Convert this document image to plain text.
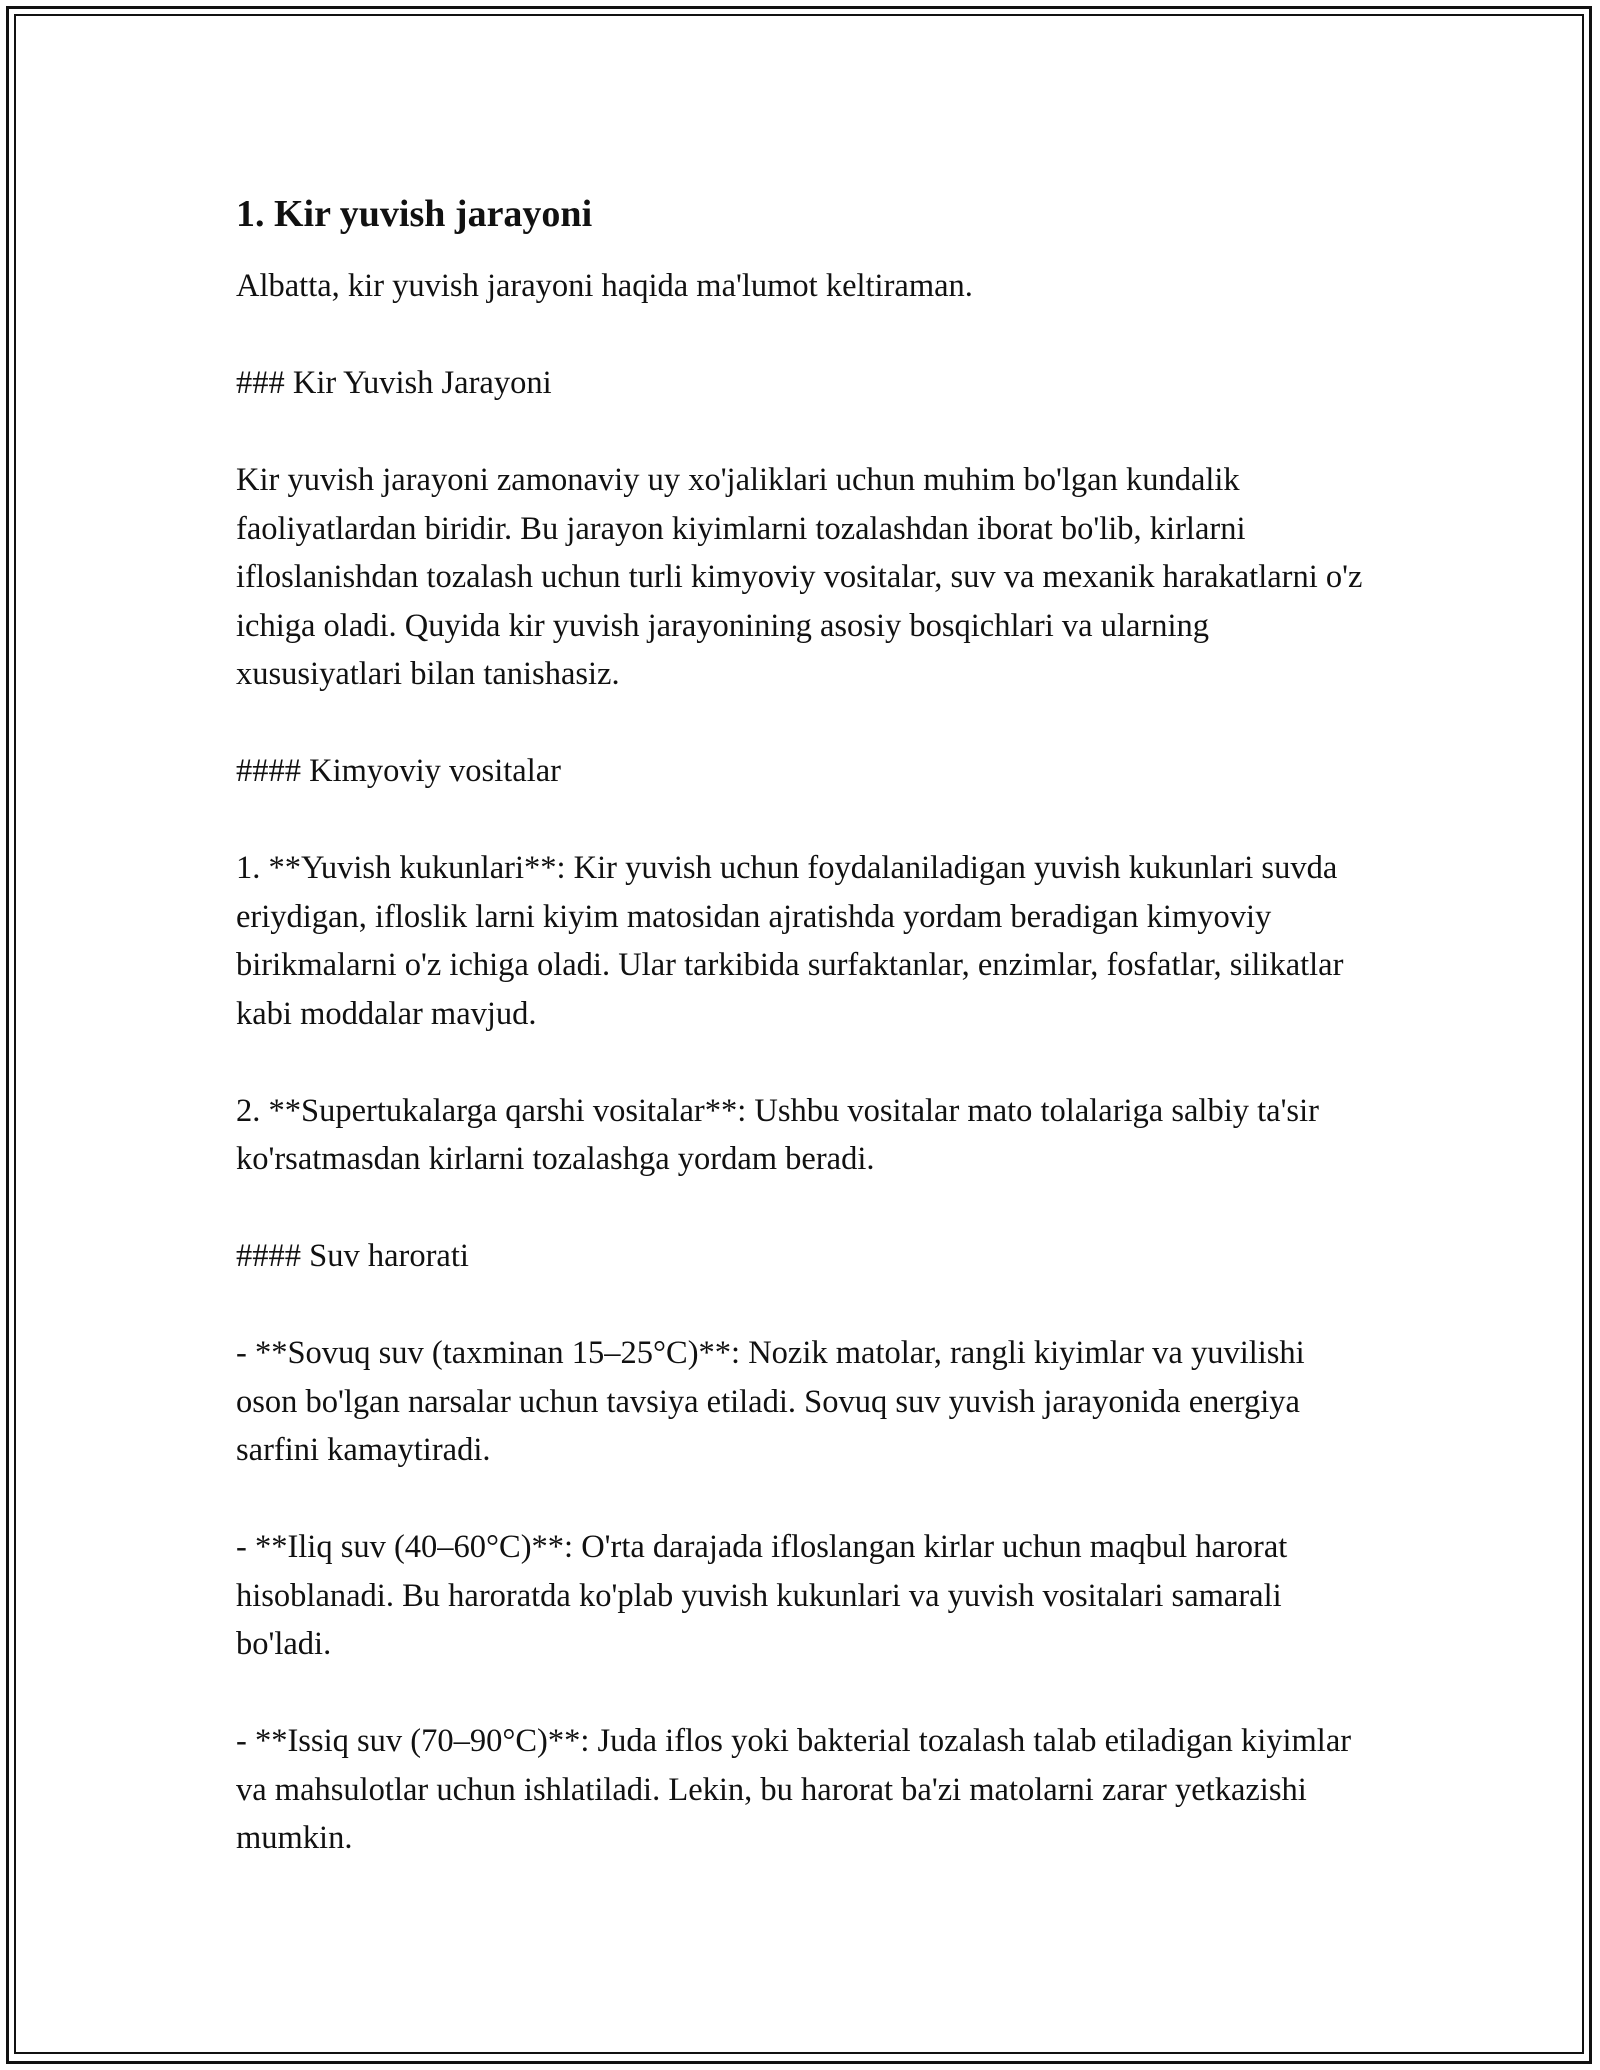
1. Kir yuvish jarayoni

Albatta, kir yuvish jarayoni haqida ma'lumot keltiraman.

### Kir Yuvish Jarayoni

Kir yuvish jarayoni zamonaviy uy xo'jaliklari uchun muhim bo'lgan kundalik faoliyatlardan biridir. Bu jarayon kiyimlarni tozalashdan iborat bo'lib, kirlarni ifloslanishdan tozalash uchun turli kimyoviy vositalar, suv va mexanik harakatlarni o'z ichiga oladi. Quyida kir yuvish jarayonining asosiy bosqichlari va ularning xususiyatlari bilan tanishasiz.

#### Kimyoviy vositalar

1. **Yuvish kukunlari**: Kir yuvish uchun foydalaniladigan yuvish kukunlari suvda eriydigan, ifloslik larni kiyim matosidan ajratishda yordam beradigan kimyoviy birikmalarni o'z ichiga oladi. Ular tarkibida surfaktanlar, enzimlar, fosfatlar, silikatlar kabi moddalar mavjud.

2. **Supertukalarga qarshi vositalar**: Ushbu vositalar mato tolalariga salbiy ta'sir ko'rsatmasdan kirlarni tozalashga yordam beradi.

#### Suv harorati

- **Sovuq suv (taxminan 15–25°C)**: Nozik matolar, rangli kiyimlar va yuvilishi oson bo'lgan narsalar uchun tavsiya etiladi. Sovuq suv yuvish jarayonida energiya sarfini kamaytiradi.

- **Iliq suv (40–60°C)**: O'rta darajada ifloslangan kirlar uchun maqbul harorat hisoblanadi. Bu haroratda ko'plab yuvish kukunlari va yuvish vositalari samarali bo'ladi.

- **Issiq suv (70–90°C)**: Juda iflos yoki bakterial tozalash talab etiladigan kiyimlar va mahsulotlar uchun ishlatiladi. Lekin, bu harorat ba'zi matolarni zarar yetkazishi mumkin.
